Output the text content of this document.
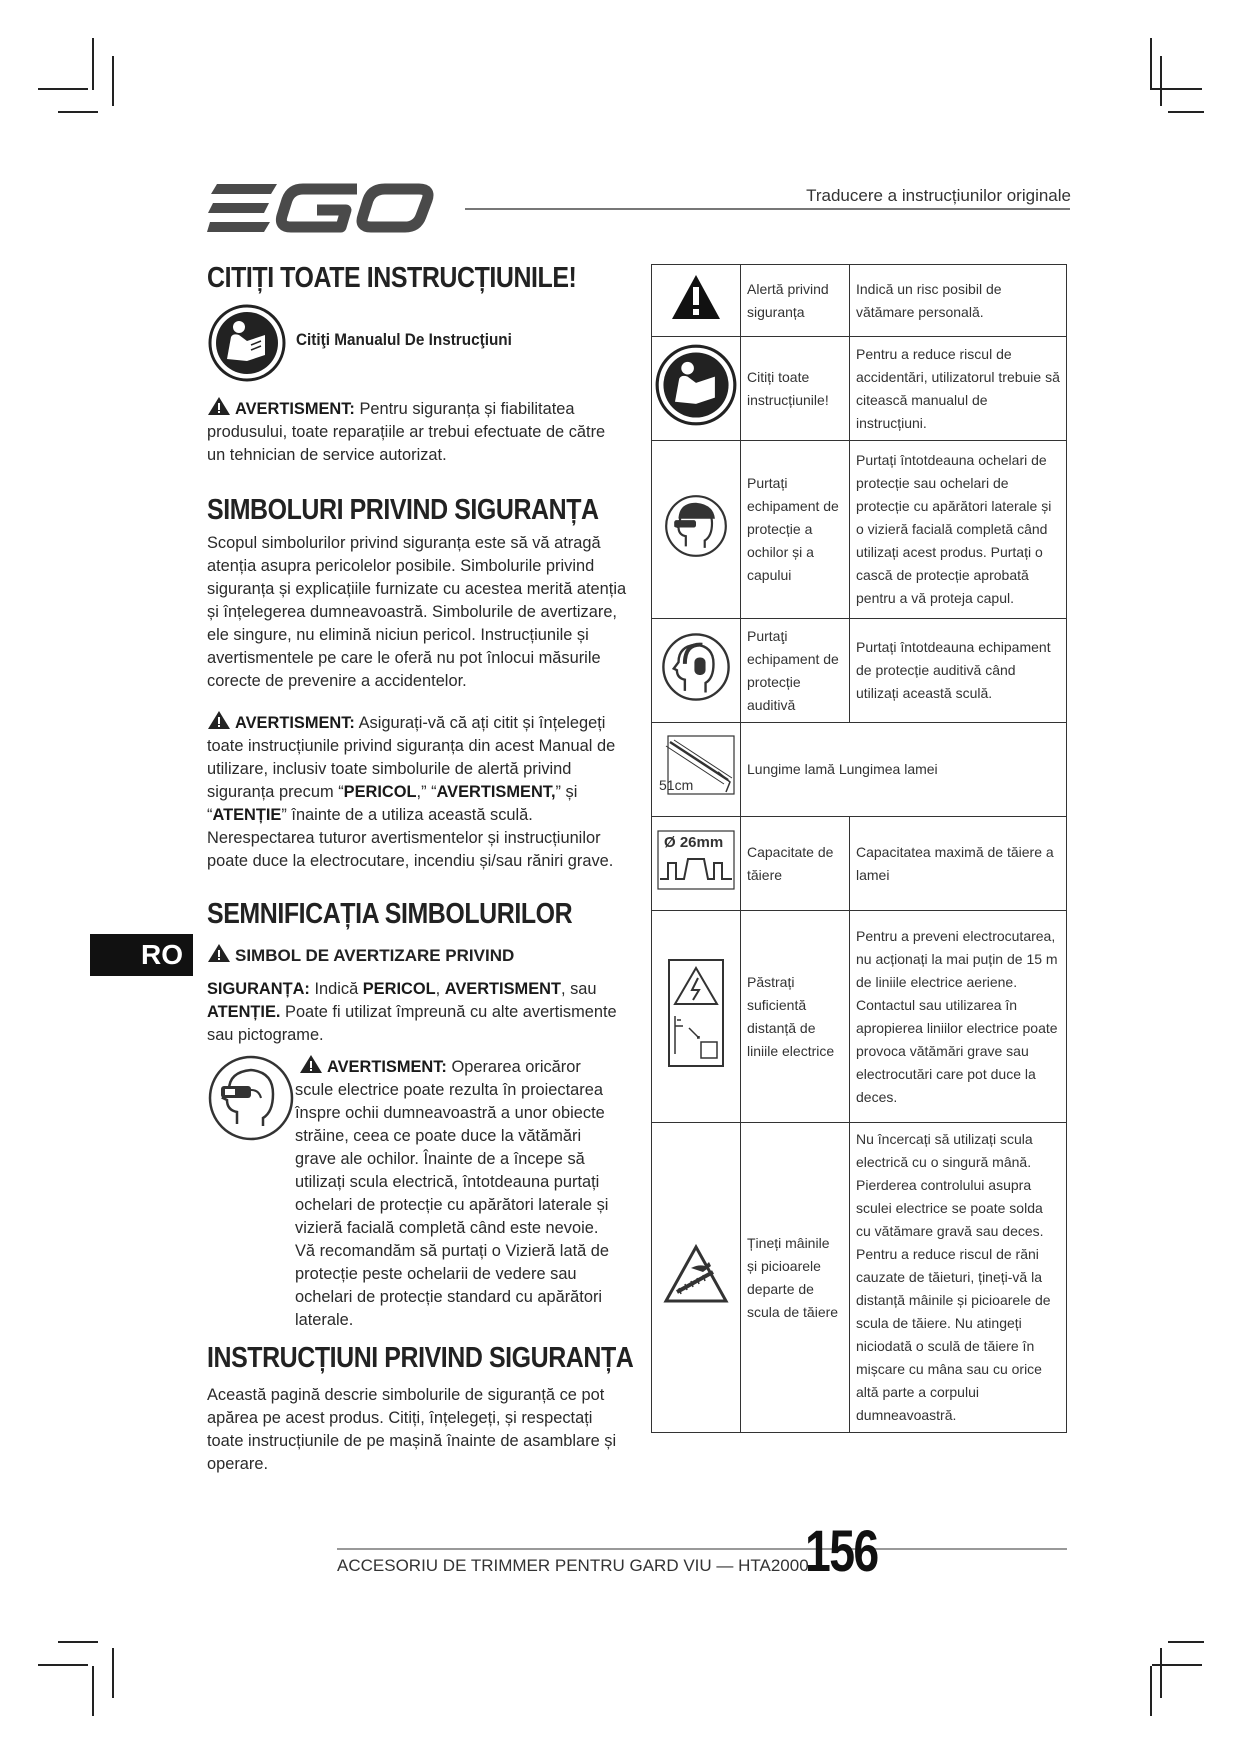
Traducere a instrucțiunilor originale
CITIȚI TOATE INSTRUCȚIUNILE!
Citiţi Manualul De Instrucţiuni
AVERTISMENT: Pentru siguranța și fiabilitatea produsului, toate reparațiile ar trebui efectuate de către un tehnician de service autorizat.
SIMBOLURI PRIVIND SIGURANȚA
Scopul simbolurilor privind siguranța este să vă atragă atenția asupra pericolelor posibile. Simbolurile privind siguranța și explicațiile furnizate cu acestea merită atenția și înțelegerea dumneavoastră. Simbolurile de avertizare, ele singure, nu elimină niciun pericol. Instrucțiunile și avertismentele pe care le oferă nu pot înlocui măsurile corecte de prevenire a accidentelor.
AVERTISMENT: Asigurați-vă că ați citit și înțelegeți toate instrucțiunile privind siguranța din acest Manual de utilizare, inclusiv toate simbolurile de alertă privind siguranța precum “PERICOL,” “AVERTISMENT,” și “ATENȚIE” înainte de a utiliza această sculă. Nerespectarea tuturor avertismentelor și instrucțiunilor poate duce la electrocutare, incendiu și/sau răniri grave.
RO
SEMNIFICAȚIA SIMBOLURILOR
SIMBOL DE AVERTIZARE PRIVIND
SIGURANȚA: Indică PERICOL, AVERTISMENT, sau ATENȚIE. Poate fi utilizat împreună cu alte avertismente sau pictograme.
AVERTISMENT: Operarea oricăror scule electrice poate rezulta în proiectarea înspre ochii dumneavoastră a unor obiecte străine, ceea ce poate duce la vătămări grave ale ochilor. Înainte de a începe să utilizați scula electrică, întotdeauna purtați ochelari de protecție cu apărători laterale și vizieră facială completă când este nevoie. Vă recomandăm să purtați o Vizieră lată de protecție peste ochelarii de vedere sau ochelari de protecție standard cu apărători laterale.
INSTRUCȚIUNI PRIVIND SIGURANȚA
Această pagină descrie simbolurile de siguranță ce pot apărea pe acest produs. Citiți, înțelegeți, și respectați toate instrucțiunile de pe mașină înainte de asamblare și operare.
	Alertă privind siguranța	Indică un risc posibil de vătămare personală.
	Citiți toate instrucțiunile!	Pentru a reduce riscul de accidentări, utilizatorul trebuie să citească manualul de instrucțiuni.
	Purtați echipament de protecție a ochilor și a capului	Purtați întotdeauna ochelari de protecție sau ochelari de protecție cu apărători laterale și o vizieră facială completă când utilizați acest produs. Purtați o cască de protecție aprobată pentru a vă proteja capul.
	Purtaţi echipament de protecție auditivă	Purtați întotdeauna echipament de protecție auditivă când utilizați această sculă.

51cm	Lungime lamă Lungimea lamei	

Ø 26mm	Capacitate de tăiere	Capacitatea maximă de tăiere a lamei
	Păstrați suficientă distanță de liniile electrice	Pentru a preveni electrocutarea, nu acționați la mai puțin de 15 m de liniile electrice aeriene. Contactul sau utilizarea în apropierea liniilor electrice poate provoca vătămări grave sau electrocutări care pot duce la deces.
	Țineți mâinile și picioarele departe de scula de tăiere	Nu încercați să utilizați scula electrică cu o singură mână. Pierderea controlului asupra sculei electrice se poate solda cu vătămare gravă sau deces. Pentru a reduce riscul de răni cauzate de tăieturi, țineți-vă la distanță mâinile și picioarele de scula de tăiere. Nu atingeți niciodată o sculă de tăiere în mișcare cu mâna sau cu orice altă parte a corpului dumneavoastră.
ACCESORIU DE TRIMMER PENTRU GARD VIU — HTA2000
156
